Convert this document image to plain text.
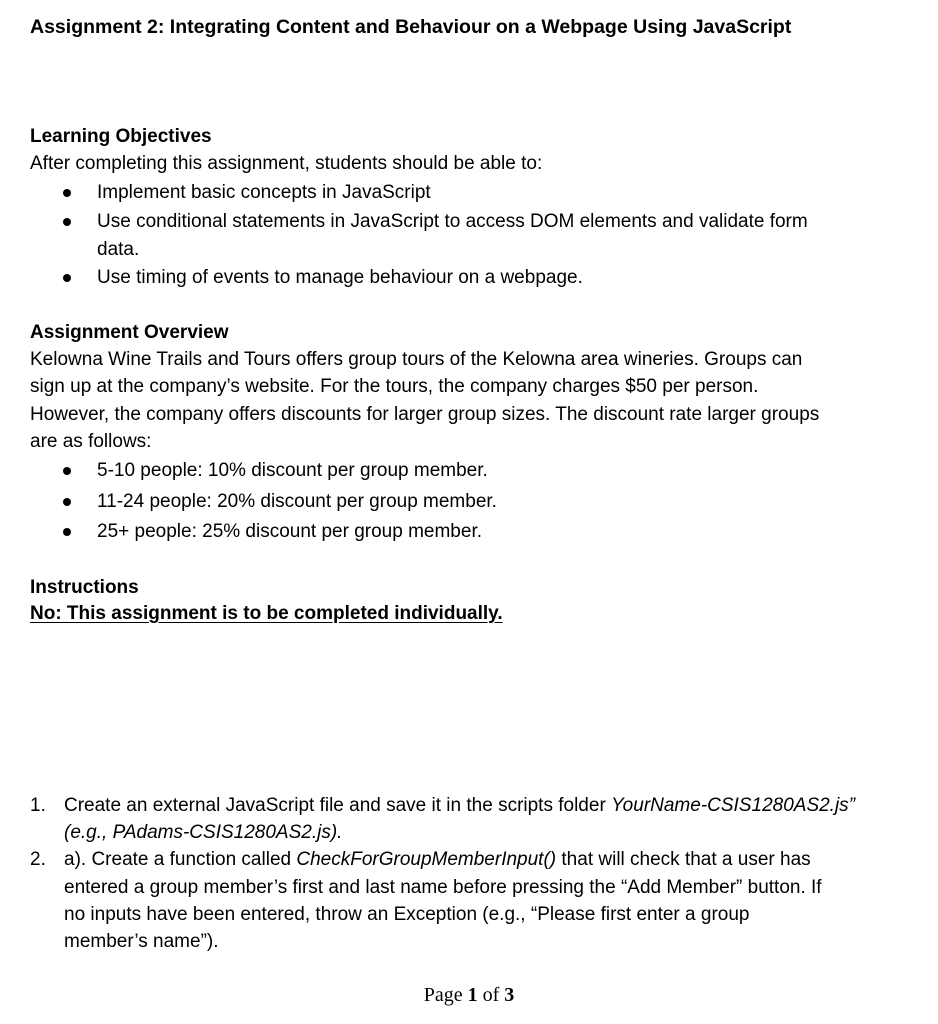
Assignment 2: Integrating Content and Behaviour on a Webpage Using JavaScript

Learning Objectives

After completing this assignment, students should be able to:

Implement basic concepts in JavaScript
Use conditional statements in JavaScript to access DOM elements and validate form

data.

Use timing of events to manage behaviour on a webpage.

Assignment Overview

Kelowna Wine Trails and Tours offers group tours of the Kelowna area wineries. Groups can

sign up at the company’s website. For the tours, the company charges $50 per person.

However, the company offers discounts for larger group sizes. The discount rate larger groups

are as follows:

5-10 people: 10% discount per group member.
11-24 people: 20% discount per group member.
25+ people: 25% discount per group member.

Instructions

No: This assignment is to be completed individually.

1. Create an external JavaScript file and save it in the scripts folder YourName-CSIS1280AS2.js”
(e.g., PAdams-CSIS1280AS2.js).
2. a). Create a function called CheckForGroupMemberInput() that will check that a user has
entered a group member’s first and last name before pressing the “Add Member” button. If
no inputs have been entered, throw an Exception (e.g., “Please first enter a group
member’s name”).
Page 1 of 3
